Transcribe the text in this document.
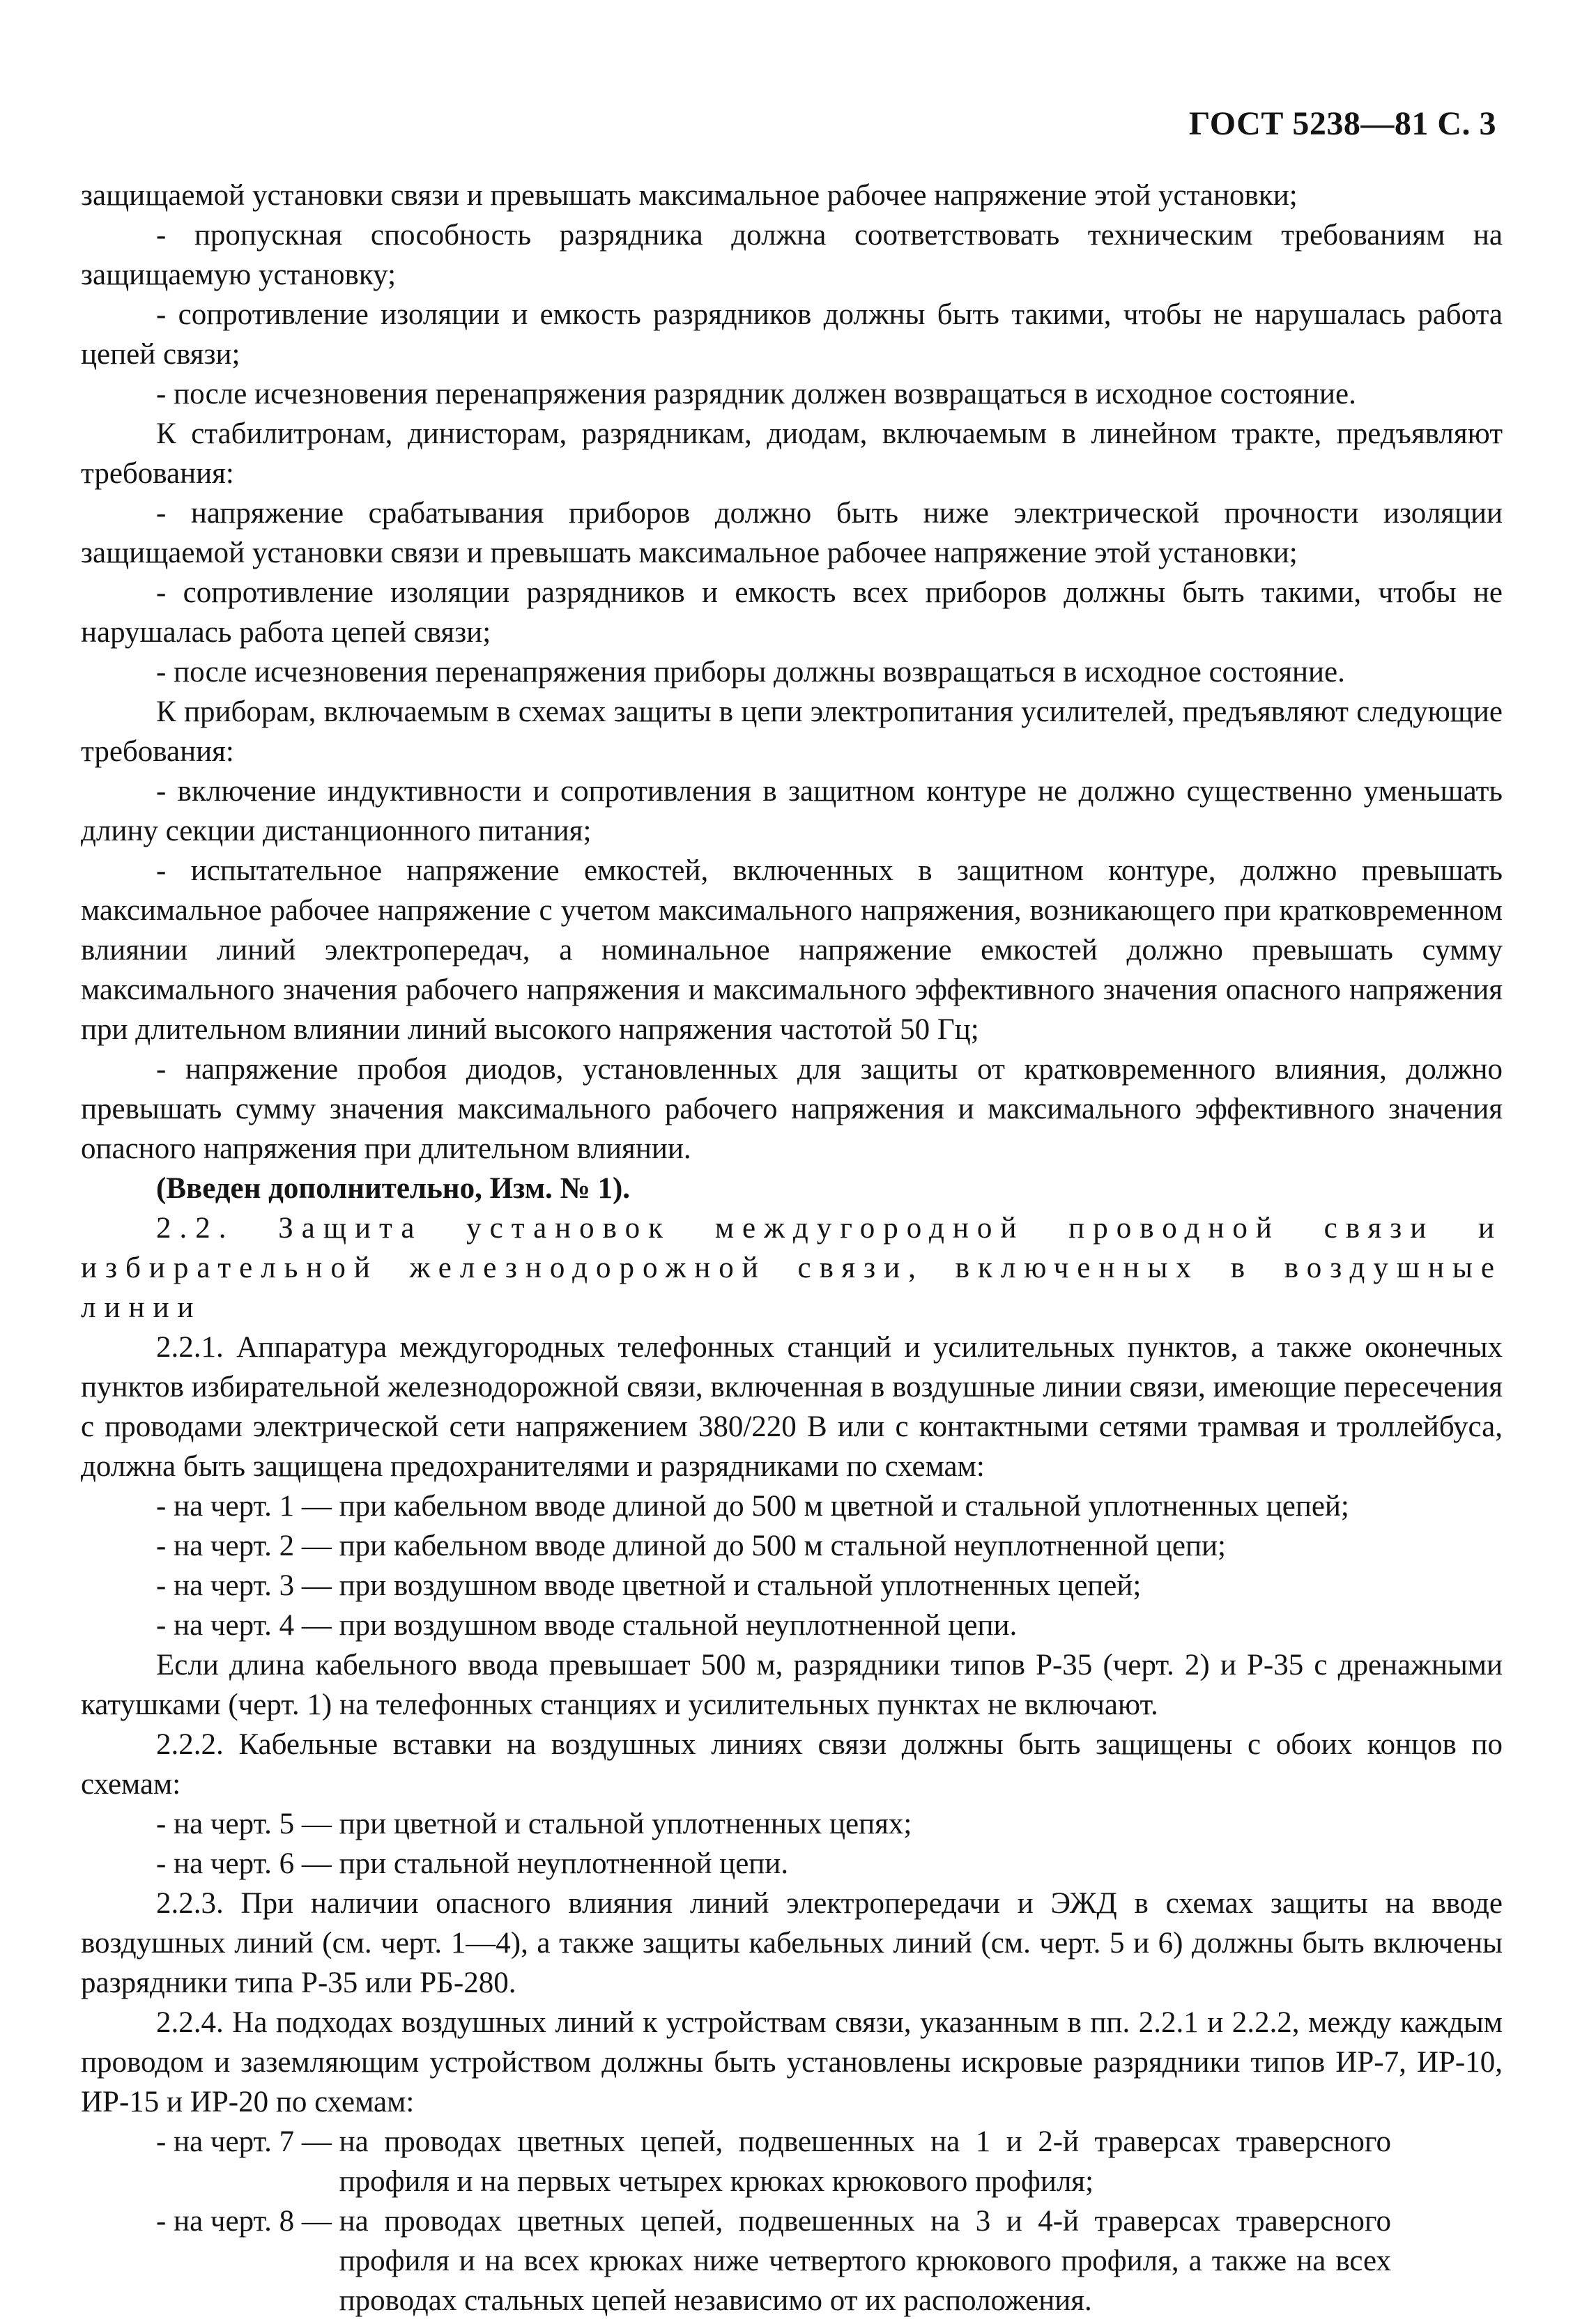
ГОСТ 5238—81 С. 3

защищаемой установки связи и превышать максимальное рабочее напряжение этой установки;

- пропускная способность разрядника должна соответствовать техническим требованиям на защищаемую установку;

- сопротивление изоляции и емкость разрядников должны быть такими, чтобы не нарушалась работа цепей связи;

- после исчезновения перенапряжения разрядник должен возвращаться в исходное состояние.

К стабилитронам, динисторам, разрядникам, диодам, включаемым в линейном тракте, предъявляют требования:

- напряжение срабатывания приборов должно быть ниже электрической прочности изоляции защищаемой установки связи и превышать максимальное рабочее напряжение этой установки;

- сопротивление изоляции разрядников и емкость всех приборов должны быть такими, чтобы не нарушалась работа цепей связи;

- после исчезновения перенапряжения приборы должны возвращаться в исходное состояние.

К приборам, включаемым в схемах защиты в цепи электропитания усилителей, предъявляют следующие требования:

- включение индуктивности и сопротивления в защитном контуре не должно существенно уменьшать длину секции дистанционного питания;

- испытательное напряжение емкостей, включенных в защитном контуре, должно превышать максимальное рабочее напряжение с учетом максимального напряжения, возникающего при кратковременном влиянии линий электропередач, а номинальное напряжение емкостей должно превышать сумму максимального значения рабочего напряжения и максимального эффективного значения опасного напряжения при длительном влиянии линий высокого напряжения частотой 50 Гц;

- напряжение пробоя диодов, установленных для защиты от кратковременного влияния, должно превышать сумму значения максимального рабочего напряжения и максимального эффективного значения опасного напряжения при длительном влиянии.

(Введен дополнительно, Изм. № 1).

2.2. Защита установок междугородной проводной связи и избирательной железнодорожной связи, включенных в воздушные линии

2.2.1. Аппаратура междугородных телефонных станций и усилительных пунктов, а также оконечных пунктов избирательной железнодорожной связи, включенная в воздушные линии связи, имеющие пересечения с проводами электрической сети напряжением 380/220 В или с контактными сетями трамвая и троллейбуса, должна быть защищена предохранителями и разрядниками по схемам:

- на черт. 1 — при кабельном вводе длиной до 500 м цветной и стальной уплотненных цепей;

- на черт. 2 — при кабельном вводе длиной до 500 м стальной неуплотненной цепи;

- на черт. 3 — при воздушном вводе цветной и стальной уплотненных цепей;

- на черт. 4 — при воздушном вводе стальной неуплотненной цепи.

Если длина кабельного ввода превышает 500 м, разрядники типов Р-35 (черт. 2) и Р-35 с дренажными катушками (черт. 1) на телефонных станциях и усилительных пунктах не включают.

2.2.2. Кабельные вставки на воздушных линиях связи должны быть защищены с обоих концов по схемам:

- на черт. 5 — при цветной и стальной уплотненных цепях;

- на черт. 6 — при стальной неуплотненной цепи.

2.2.3. При наличии опасного влияния линий электропередачи и ЭЖД в схемах защиты на вводе воздушных линий (см. черт. 1—4), а также защиты кабельных линий (см. черт. 5 и 6) должны быть включены разрядники типа Р-35 или РБ-280.

2.2.4. На подходах воздушных линий к устройствам связи, указанным в пп. 2.2.1 и 2.2.2, между каждым проводом и заземляющим устройством должны быть установлены искровые разрядники типов ИР-7, ИР-10, ИР-15 и ИР-20 по схемам:

- на черт. 7 — на проводах цветных цепей, подвешенных на 1 и 2-й траверсах траверсного профиля и на первых четырех крюках крюкового профиля;
- на черт. 8 — на проводах цветных цепей, подвешенных на 3 и 4-й траверсах траверсного профиля и на всех крюках ниже четвертого крюкового профиля, а также на всех проводах стальных цепей независимо от их расположения.
